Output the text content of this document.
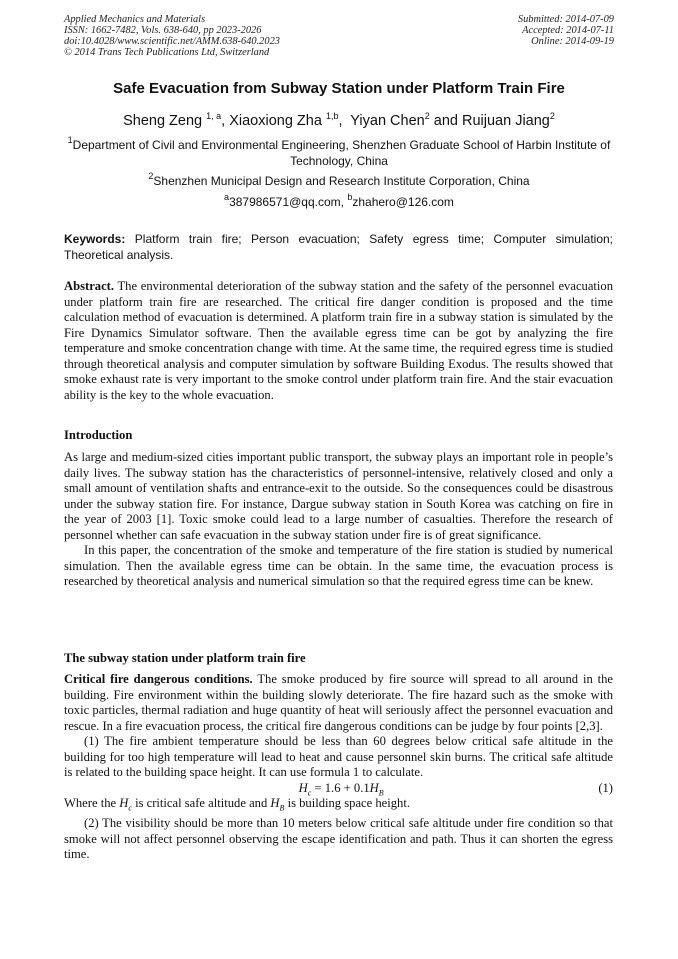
Applied Mechanics and Materials
ISSN: 1662-7482, Vols. 638-640, pp 2023-2026
doi:10.4028/www.scientific.net/AMM.638-640.2023
© 2014 Trans Tech Publications Ltd, Switzerland
Submitted: 2014-07-09
Accepted: 2014-07-11
Online: 2014-09-19
Safe Evacuation from Subway Station under Platform Train Fire
Sheng Zeng $^{1, a}$, Xiaoxiong Zha $^{1,b}$,  Yiyan Chen$^2$ and Ruijuan Jiang$^2$
$^1$Department of Civil and Environmental Engineering, Shenzhen Graduate School of Harbin Institute of Technology, China
$^2$Shenzhen Municipal Design and Research Institute Corporation, China
$^a$387986571@qq.com, $^b$zhahero@126.com
Keywords: Platform train fire; Person evacuation; Safety egress time; Computer simulation; Theoretical analysis.

Abstract. The environmental deterioration of the subway station and the safety of the personnel evacuation under platform train fire are researched. The critical fire danger condition is proposed and the time calculation method of evacuation is determined. A platform train fire in a subway station is simulated by the Fire Dynamics Simulator software. Then the available egress time can be got by analyzing the fire temperature and smoke concentration change with time. At the same time, the required egress time is studied through theoretical analysis and computer simulation by software Building Exodus. The results showed that smoke exhaust rate is very important to the smoke control under platform train fire. And the stair evacuation ability is the key to the whole evacuation.

Introduction

As large and medium-sized cities important public transport, the subway plays an important role in people’s daily lives. The subway station has the characteristics of personnel-intensive, relatively closed and only a small amount of ventilation shafts and entrance-exit to the outside. So the consequences could be disastrous under the subway station fire. For instance, Dargue subway station in South Korea was catching on fire in the year of 2003 [1]. Toxic smoke could lead to a large number of casualties. Therefore the research of personnel whether can safe evacuation in the subway station under fire is of great significance.

In this paper, the concentration of the smoke and temperature of the fire station is studied by numerical simulation. Then the available egress time can be obtain. In the same time, the evacuation process is researched by theoretical analysis and numerical simulation so that the required egress time can be knew.

The subway station under platform train fire

Critical fire dangerous conditions. The smoke produced by fire source will spread to all around in the building. Fire environment within the building slowly deteriorate. The fire hazard such as the smoke with toxic particles, thermal radiation and huge quantity of heat will seriously affect the personnel evacuation and rescue. In a fire evacuation process, the critical fire dangerous conditions can be judge by four points [2,3].

(1) The fire ambient temperature should be less than 60 degrees below critical safe altitude in the building for too high temperature will lead to heat and cause personnel skin burns. The critical safe altitude is related to the building space height. It can use formula 1 to calculate.

$H_c = 1.6 + 0.1H_B$	(1)

Where the $H_c$ is critical safe altitude and $H_B$ is building space height.

(2) The visibility should be more than 10 meters below critical safe altitude under fire condition so that smoke will not affect personnel observing the escape identification and path. Thus it can shorten the egress time.
